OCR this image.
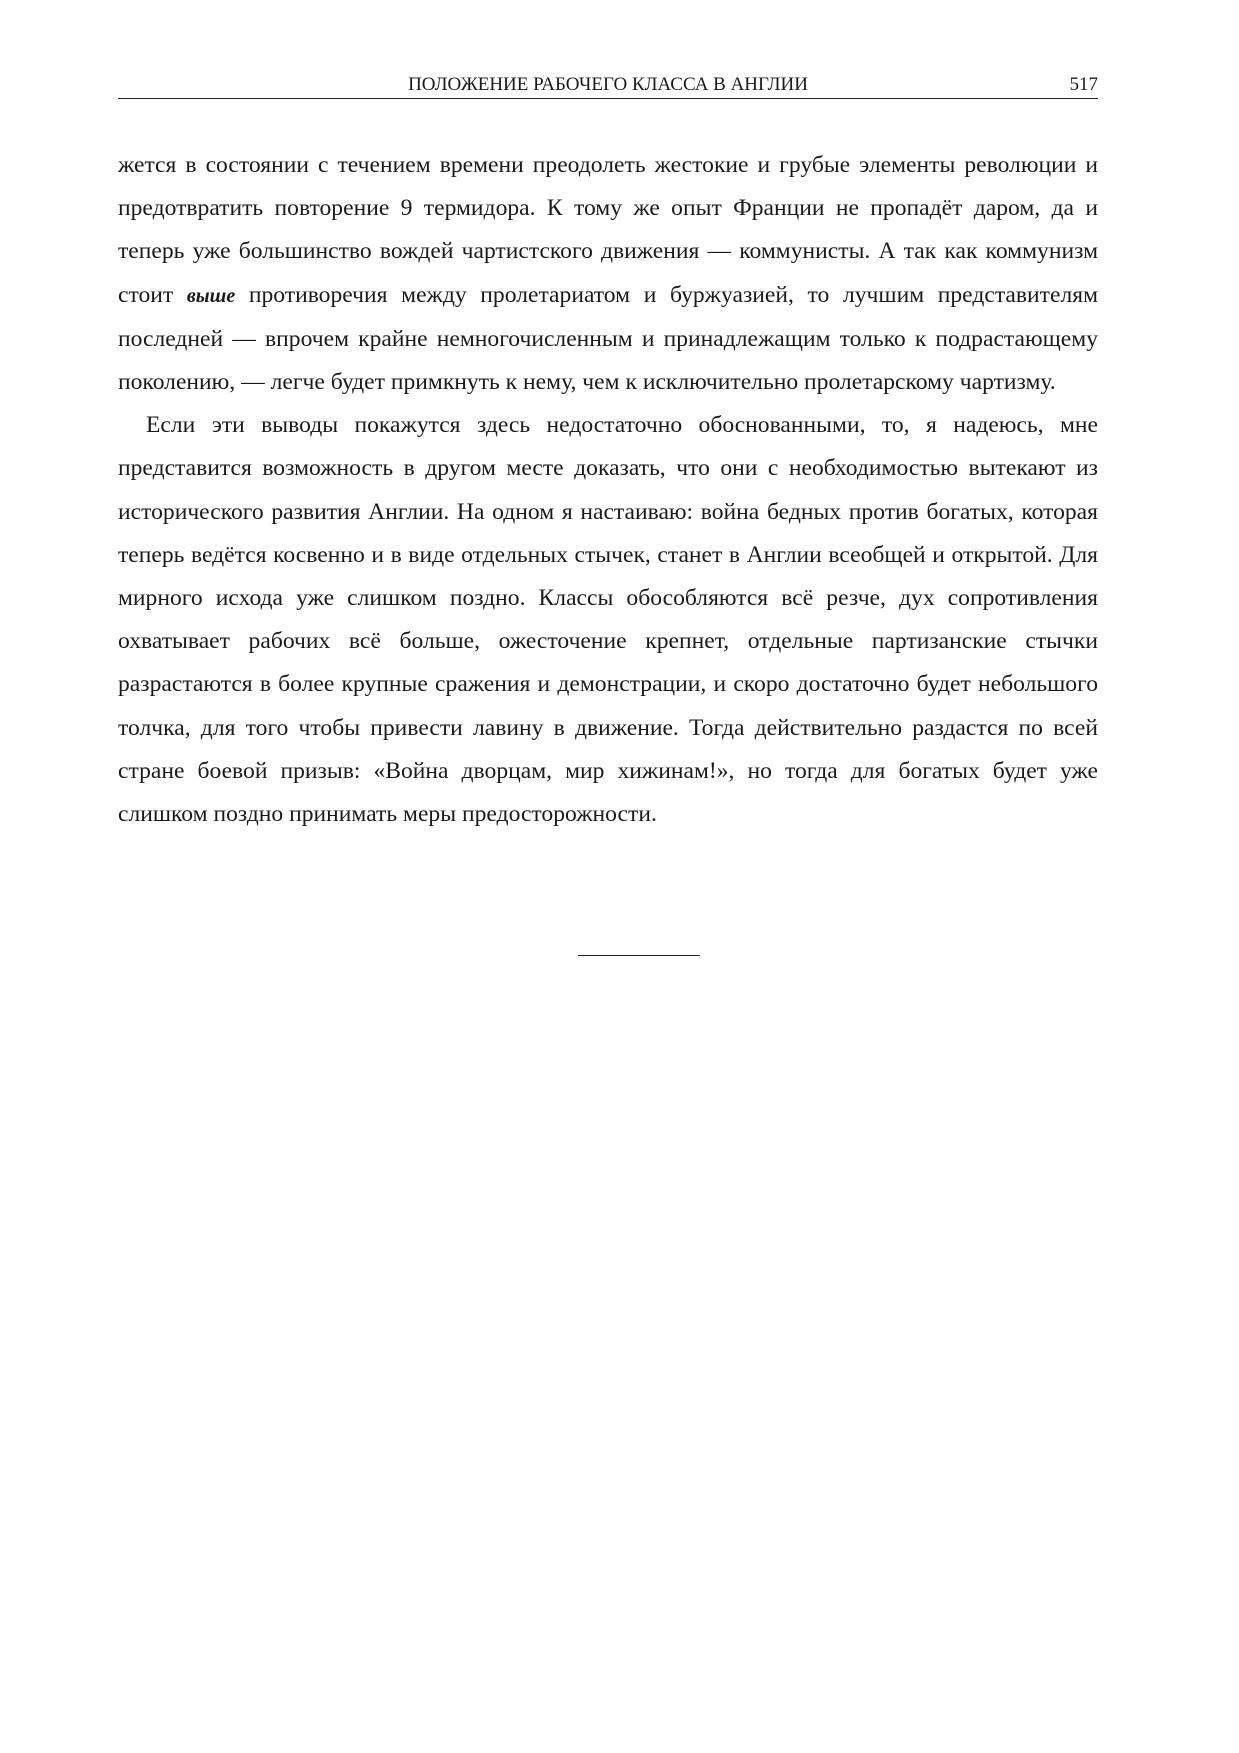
ПОЛОЖЕНИЕ РАБОЧЕГО КЛАССА В АНГЛИИ	517

жется в состоянии с течением времени преодолеть жестокие и грубые элементы революции и предотвратить повторение 9 термидора. К тому же опыт Франции не пропадёт даром, да и теперь уже большинство вождей чартистского движения — коммунисты. А так как коммунизм стоит выше противоречия между пролетариатом и буржуазией, то лучшим представителям последней — впрочем крайне немногочисленным и принадлежащим только к подрастающему поколению, — легче будет примкнуть к нему, чем к исключительно пролетарскому чартизму.

Если эти выводы покажутся здесь недостаточно обоснованными, то, я надеюсь, мне представится возможность в другом месте доказать, что они с необходимостью вытекают из исторического развития Англии. На одном я настаиваю: война бедных против богатых, которая теперь ведётся косвенно и в виде отдельных стычек, станет в Англии всеобщей и открытой. Для мирного исхода уже слишком поздно. Классы обособляются всё резче, дух сопротивления охватывает рабочих всё больше, ожесточение крепнет, отдельные партизанские стычки разрастаются в более крупные сражения и демонстрации, и скоро достаточно будет небольшого толчка, для того чтобы привести лавину в движение. Тогда действительно раздастся по всей стране боевой призыв: «Война дворцам, мир хижинам!», но тогда для богатых будет уже слишком поздно принимать меры предосторожности.
